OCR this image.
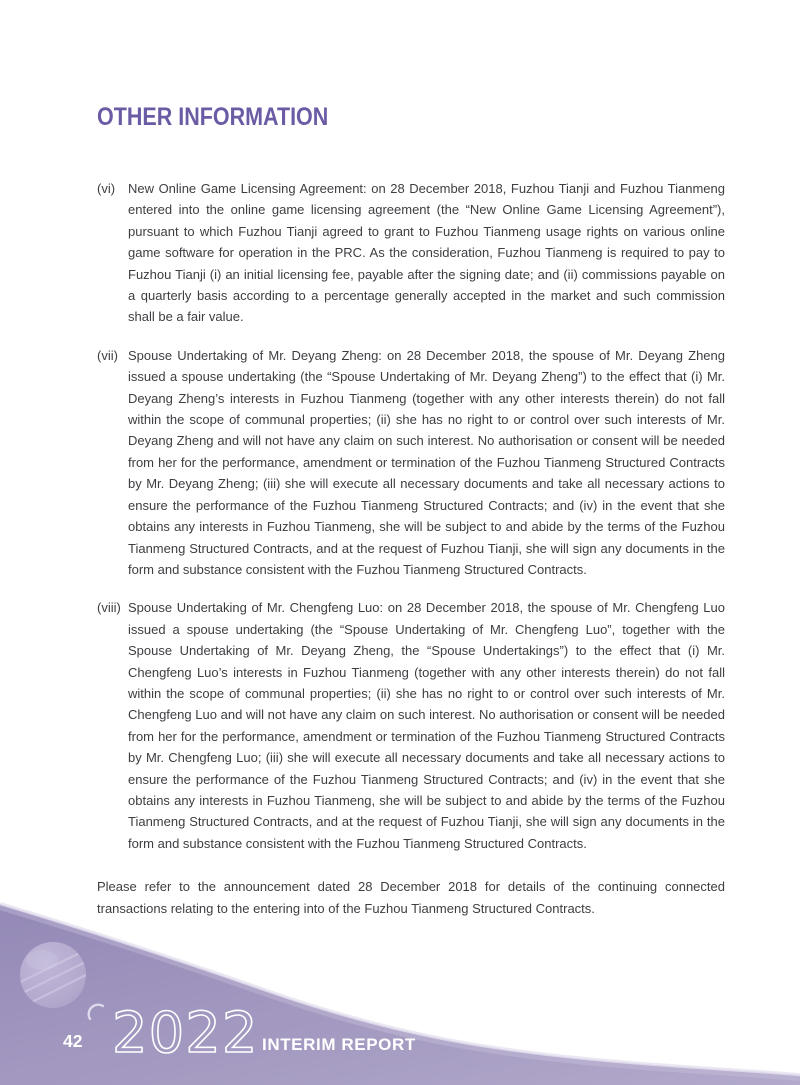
OTHER INFORMATION
(vi) New Online Game Licensing Agreement: on 28 December 2018, Fuzhou Tianji and Fuzhou Tianmeng entered into the online game licensing agreement (the “New Online Game Licensing Agreement”), pursuant to which Fuzhou Tianji agreed to grant to Fuzhou Tianmeng usage rights on various online game software for operation in the PRC. As the consideration, Fuzhou Tianmeng is required to pay to Fuzhou Tianji (i) an initial licensing fee, payable after the signing date; and (ii) commissions payable on a quarterly basis according to a percentage generally accepted in the market and such commission shall be a fair value.
(vii) Spouse Undertaking of Mr. Deyang Zheng: on 28 December 2018, the spouse of Mr. Deyang Zheng issued a spouse undertaking (the “Spouse Undertaking of Mr. Deyang Zheng”) to the effect that (i) Mr. Deyang Zheng’s interests in Fuzhou Tianmeng (together with any other interests therein) do not fall within the scope of communal properties; (ii) she has no right to or control over such interests of Mr. Deyang Zheng and will not have any claim on such interest. No authorisation or consent will be needed from her for the performance, amendment or termination of the Fuzhou Tianmeng Structured Contracts by Mr. Deyang Zheng; (iii) she will execute all necessary documents and take all necessary actions to ensure the performance of the Fuzhou Tianmeng Structured Contracts; and (iv) in the event that she obtains any interests in Fuzhou Tianmeng, she will be subject to and abide by the terms of the Fuzhou Tianmeng Structured Contracts, and at the request of Fuzhou Tianji, she will sign any documents in the form and substance consistent with the Fuzhou Tianmeng Structured Contracts.
(viii) Spouse Undertaking of Mr. Chengfeng Luo: on 28 December 2018, the spouse of Mr. Chengfeng Luo issued a spouse undertaking (the “Spouse Undertaking of Mr. Chengfeng Luo”, together with the Spouse Undertaking of Mr. Deyang Zheng, the “Spouse Undertakings”) to the effect that (i) Mr. Chengfeng Luo’s interests in Fuzhou Tianmeng (together with any other interests therein) do not fall within the scope of communal properties; (ii) she has no right to or control over such interests of Mr. Chengfeng Luo and will not have any claim on such interest. No authorisation or consent will be needed from her for the performance, amendment or termination of the Fuzhou Tianmeng Structured Contracts by Mr. Chengfeng Luo; (iii) she will execute all necessary documents and take all necessary actions to ensure the performance of the Fuzhou Tianmeng Structured Contracts; and (iv) in the event that she obtains any interests in Fuzhou Tianmeng, she will be subject to and abide by the terms of the Fuzhou Tianmeng Structured Contracts, and at the request of Fuzhou Tianji, she will sign any documents in the form and substance consistent with the Fuzhou Tianmeng Structured Contracts.

Please refer to the announcement dated 28 December 2018 for details of the continuing connected transactions relating to the entering into of the Fuzhou Tianmeng Structured Contracts.

42 2022 INTERIM REPORT
